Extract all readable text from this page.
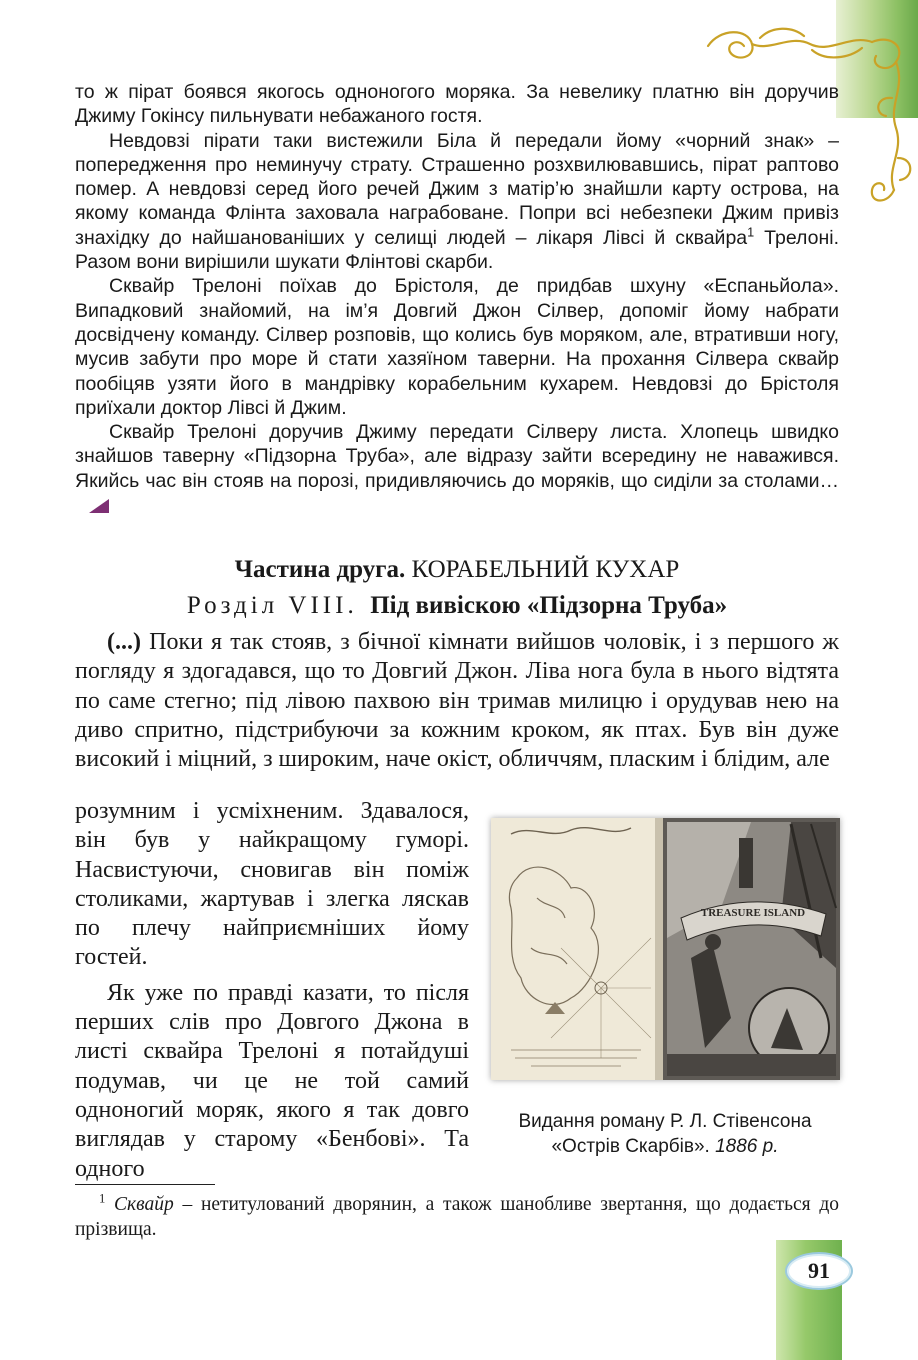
то ж пірат боявся якогось одноногого моряка. За невелику платню він доручив Джиму Гокінсу пильнувати небажаного гостя.

Невдовзі пірати таки вистежили Біла й передали йому «чорний знак» – попередження про неминучу страту. Страшенно розхвилювавшись, пірат раптово помер. А невдовзі серед його речей Джим з матір’ю знайшли карту острова, на якому команда Флінта заховала награбоване. Попри всі небезпеки Джим привіз знахідку до найшанованіших у селищі людей – лікаря Лівсі й сквайра$^1$ Трелоні. Разом вони вирішили шукати Флінтові скарби.

Сквайр Трелоні поїхав до Брістоля, де придбав шхуну «Еспаньйола». Випадковий знайомий, на ім’я Довгий Джон Сілвер, допоміг йому набрати досвідчену команду. Сілвер розповів, що колись був моряком, але, втративши ногу, мусив забути про море й стати хазяїном таверни. На прохання Сілвера сквайр пообіцяв узяти його в мандрівку корабельним кухарем. Невдовзі до Брістоля приїхали доктор Лівсі й Джим.

Сквайр Трелоні доручив Джиму передати Сілверу листа. Хлопець швидко знайшов таверну «Підзорна Труба», але відразу зайти всередину не наважився. Якийсь час він стояв на порозі, придивляючись до моряків, що сиділи за столами…

Частина друга. КОРАБЕЛЬНИЙ КУХАР
Розділ VIII. Під вивіскою «Підзорна Труба»

(...) Поки я так стояв, з бічної кімнати вийшов чоловік, і з першого ж погляду я здогадався, що то Довгий Джон. Ліва нога була в нього відтята по саме стегно; під лівою пахвою він тримав милицю і орудував нею на диво спритно, підстрибуючи за кожним кроком, як птах. Був він дуже високий і міцний, з широким, наче окіст, обличчям, пласким і блідим, але

розумним і усміхненим. Здавалося, він був у найкращому гуморі. Насвистуючи, сновигав він поміж столиками, жартував і злегка ляскав по плечу найприємніших йому гостей.

Як уже по правді казати, то після перших слів про Довгого Джона в листі сквайра Трелоні я потайдуші подумав, чи це не той самий одноногий моряк, якого я так довго виглядав у старому «Бенбові». Та одного

TREASURE ISLAND
Видання роману Р. Л. Стівенсона
«Острів Скарбів». 1886 р.
$^1$ Сквайр – нетитулований дворянин, а також шанобливе звертання, що додається до прізвища.
91
